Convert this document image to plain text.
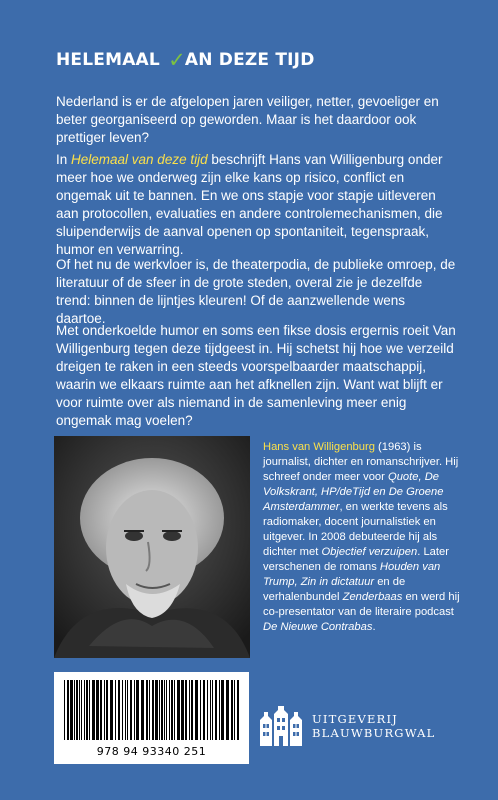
HELEMAAL ✓AN DEZE TIJD

Nederland is er de afgelopen jaren veiliger, netter, gevoeliger en beter georganiseerd op geworden. Maar is het daardoor ook prettiger leven?

In Helemaal van deze tijd beschrijft Hans van Willigenburg onder meer hoe we onderweg zijn elke kans op risico, conflict en ongemak uit te bannen. En we ons stapje voor stapje uitleveren aan protocollen, evaluaties en andere controlemechanismen, die sluipenderwijs de aanval openen op spontaniteit, tegenspraak, humor en verwarring.

Of het nu de werkvloer is, de theaterpodia, de publieke omroep, de literatuur of de sfeer in de grote steden, overal zie je dezelfde trend: binnen de lijntjes kleuren! Of de aanzwellende wens daartoe.

Met onderkoelde humor en soms een fikse dosis ergernis roeit Van Willigenburg tegen deze tijdgeest in. Hij schetst hij hoe we verzeild dreigen te raken in een steeds voorspelbaarder maatschappij, waarin we elkaars ruimte aan het afknellen zijn. Want wat blijft er voor ruimte over als niemand in de samenleving meer enig ongemak mag voelen?

Hans van Willigenburg (1963) is journalist, dichter en romanschrijver. Hij schreef onder meer voor Quote, De Volkskrant, HP/deTijd en De Groene Amsterdammer, en werkte tevens als radiomaker, docent journalistiek en uitgever. In 2008 debuteerde hij als dichter met Objectief verzuipen. Later verschenen de romans Houden van Trump, Zin in dictatuur en de verhalenbundel Zenderbaas en werd hij co-presentator van de literaire podcast De Nieuwe Contrabas.

978 94 93340 251
UITGEVERIJ
BLAUWBURGWAL
